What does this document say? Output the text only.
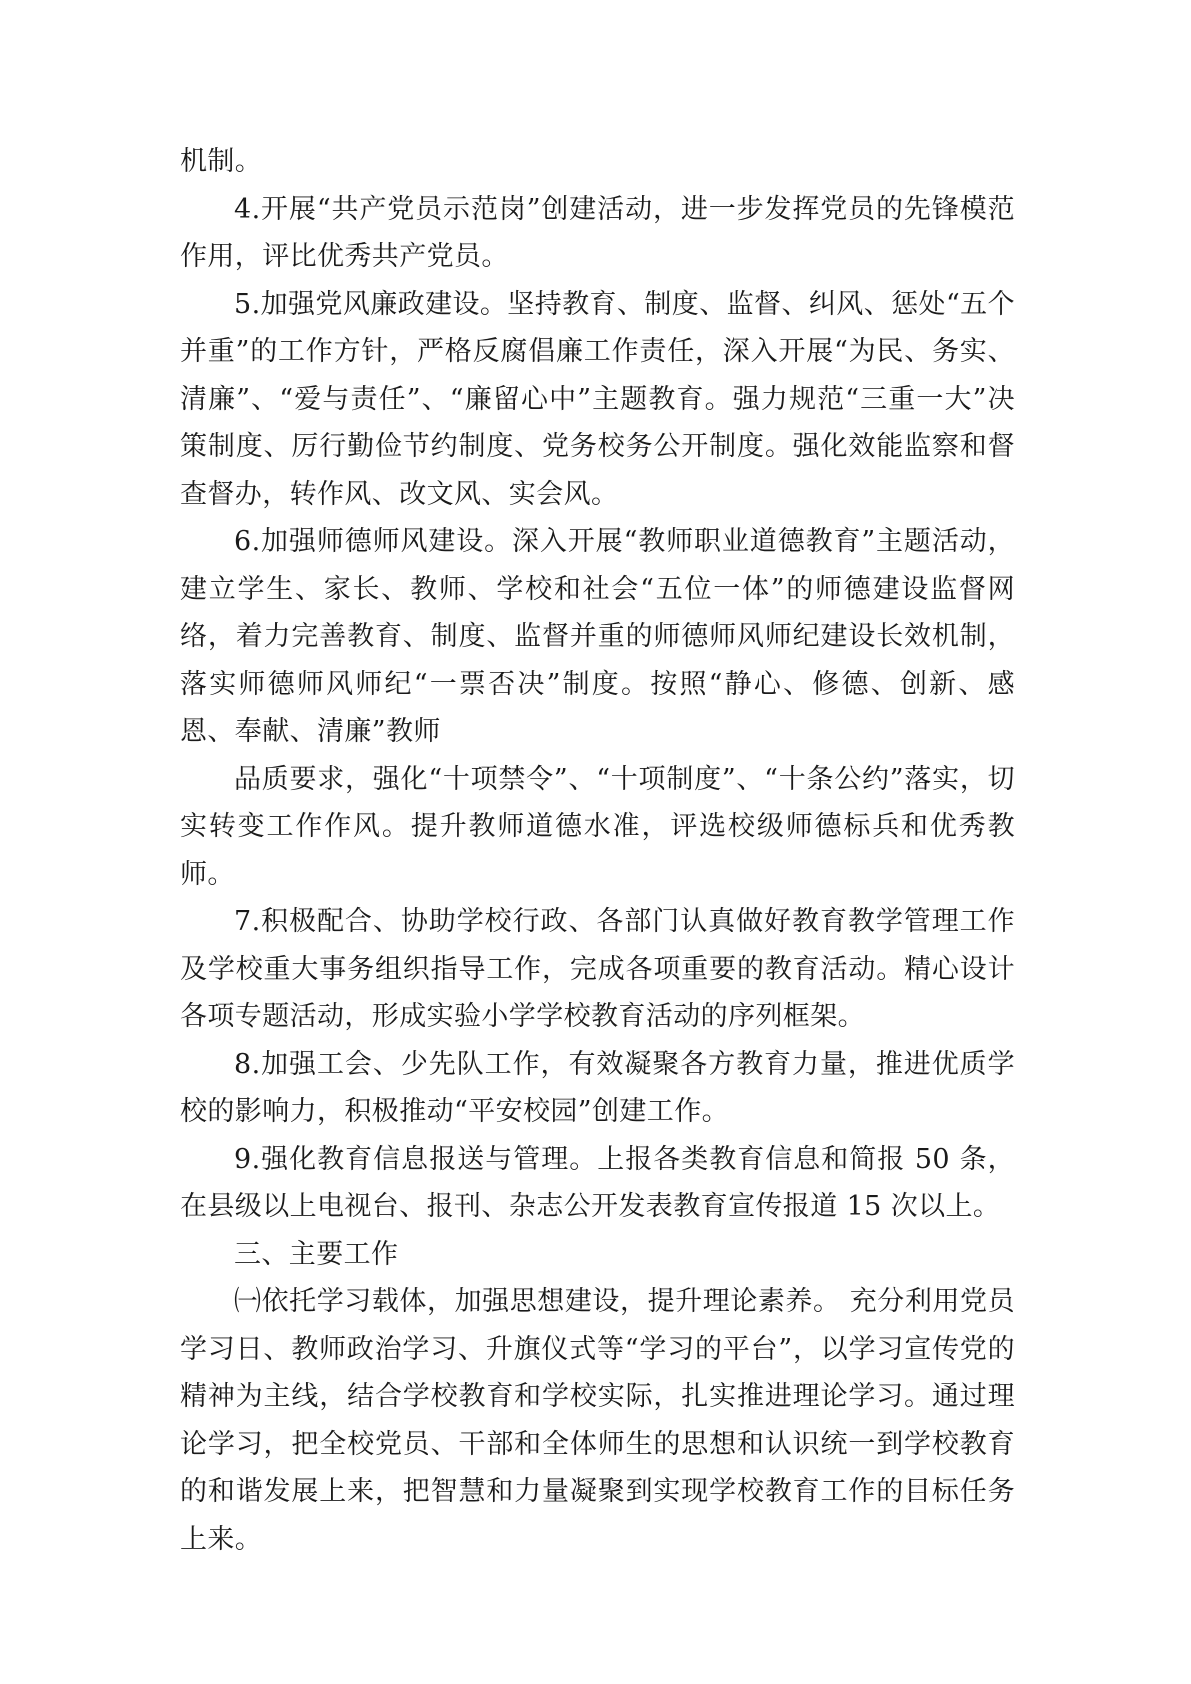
机制。

4.开展“共产党员示范岗”创建活动，进一步发挥党员的先锋模范作用，评比优秀共产党员。

5.加强党风廉政建设。坚持教育、制度、监督、纠风、惩处“五个并重”的工作方针，严格反腐倡廉工作责任，深入开展“为民、务实、清廉”、“爱与责任”、“廉留心中”主题教育。强力规范“三重一大”决策制度、厉行勤俭节约制度、党务校务公开制度。强化效能监察和督查督办，转作风、改文风、实会风。

6.加强师德师风建设。深入开展“教师职业道德教育”主题活动，建立学生、家长、教师、学校和社会“五位一体”的师德建设监督网络，着力完善教育、制度、监督并重的师德师风师纪建设长效机制，落实师德师风师纪“一票否决”制度。按照“静心、修德、创新、感恩、奉献、清廉”教师

品质要求，强化“十项禁令”、“十项制度”、“十条公约”落实，切实转变工作作风。提升教师道德水准，评选校级师德标兵和优秀教师。

7.积极配合、协助学校行政、各部门认真做好教育教学管理工作及学校重大事务组织指导工作，完成各项重要的教育活动。精心设计各项专题活动，形成实验小学学校教育活动的序列框架。

8.加强工会、少先队工作，有效凝聚各方教育力量，推进优质学校的影响力，积极推动“平安校园”创建工作。

9.强化教育信息报送与管理。上报各类教育信息和简报 50 条，在县级以上电视台、报刊、杂志公开发表教育宣传报道 15 次以上。

三、主要工作

㈠依托学习载体，加强思想建设，提升理论素养。 充分利用党员学习日、教师政治学习、升旗仪式等“学习的平台”，以学习宣传党的精神为主线，结合学校教育和学校实际，扎实推进理论学习。通过理论学习，把全校党员、干部和全体师生的思想和认识统一到学校教育的和谐发展上来，把智慧和力量凝聚到实现学校教育工作的目标任务上来。
